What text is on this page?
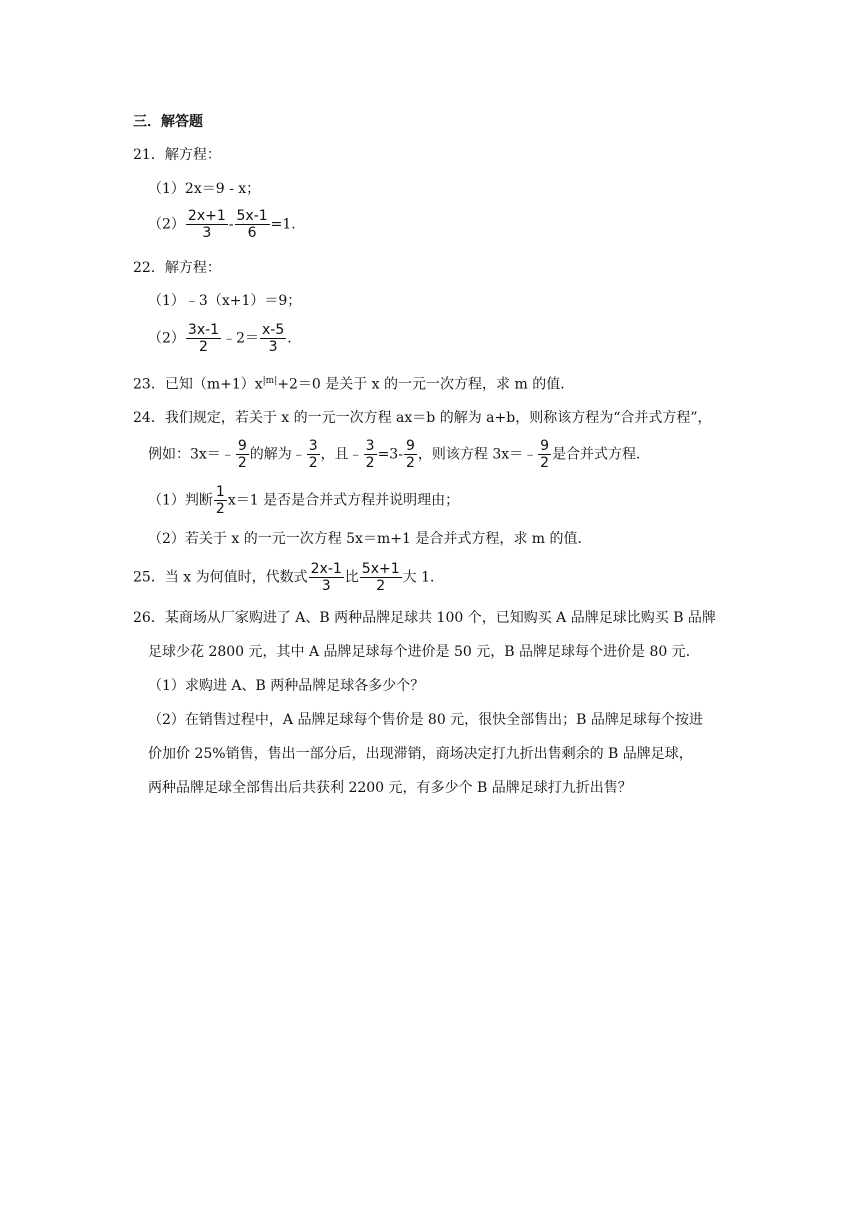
三．解答题
21．解方程：
（1）2x＝9 ‑ x；
$(2) \frac{2x+1}{3} - \frac{5x-1}{6} =1$.
22．解方程：
（1）﹣3（x+1）＝9；
$(2) \frac{3x-1}{2}$ ﹣2＝ $\frac{x-5}{3}$ .
23．已知$(m+1)x^{|m|}+2=0$ 是关于 x 的一元一次方程，求 m 的值．
24．我们规定，若关于 x 的一元一次方程 ax＝b 的解为 a+b，则称该方程为“合并式方程”，
例如：3x＝﹣ $\frac{9}{2}$ 的解为﹣ $\frac{3}{2}$ ，且﹣ $\frac{3}{2} =3- \frac{9}{2}$ ，则该方程 3x＝﹣ $\frac{9}{2}$ 是合并式方程．
（1）判断 $\frac{1}{2} x=1$ 是否是合并式方程并说明理由；
（2）若关于 x 的一元一次方程 5x＝m+1 是合并式方程，求 m 的值．
25．当 x 为何值时，代数式 $\frac{2x-1}{3}$ 比 $\frac{5x+1}{2}$ 大 1．
26．某商场从厂家购进了 A、B 两种品牌足球共 100 个，已知购买 A 品牌足球比购买 B 品牌
足球少花 2800 元，其中 A 品牌足球每个进价是 50 元，B 品牌足球每个进价是 80 元．
（1）求购进 A、B 两种品牌足球各多少个？
（2）在销售过程中，A 品牌足球每个售价是 80 元，很快全部售出；B 品牌足球每个按进
价加价 25%销售，售出一部分后，出现滞销，商场决定打九折出售剩余的 B 品牌足球，
两种品牌足球全部售出后共获利 2200 元，有多少个 B 品牌足球打九折出售？
